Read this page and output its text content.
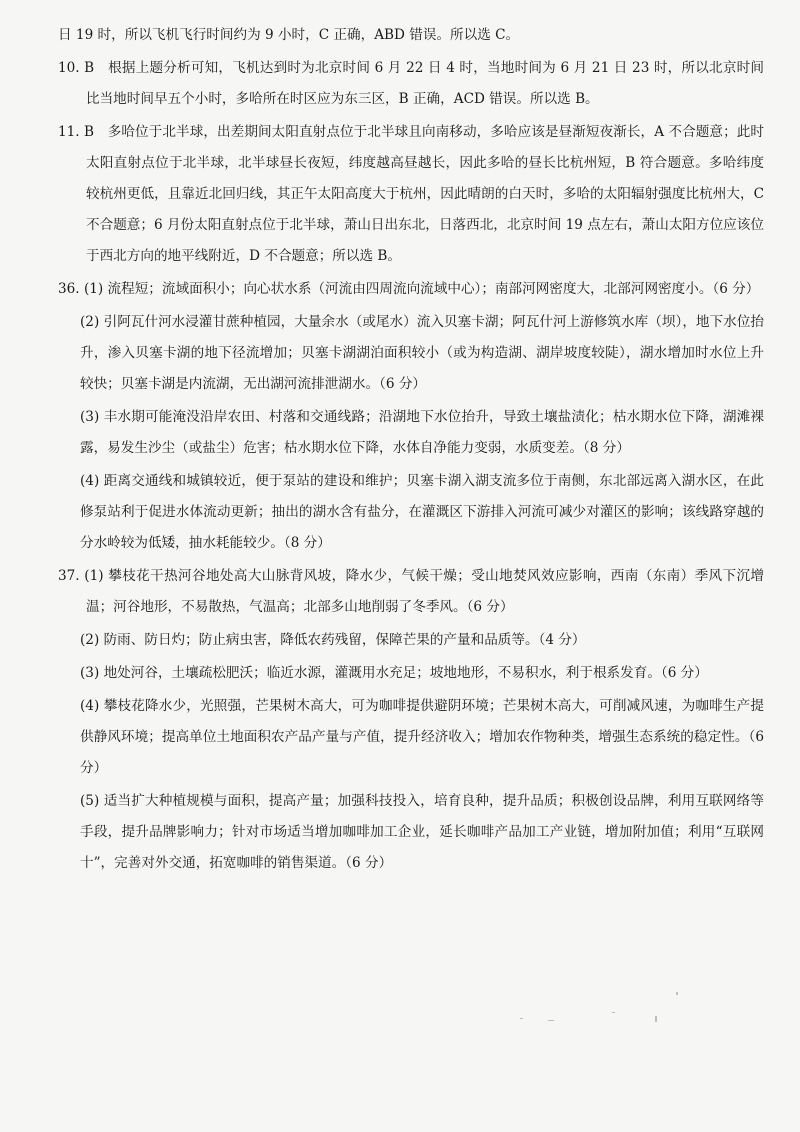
日 19 时，所以飞机飞行时间约为 9 小时，C 正确，ABD 错误。所以选 C。

10. B　根据上题分析可知，飞机达到时为北京时间 6 月 22 日 4 时，当地时间为 6 月 21 日 23 时，所以北京时间比当地时间早五个小时，多哈所在时区应为东三区，B 正确，ACD 错误。所以选 B。

11. B　多哈位于北半球，出差期间太阳直射点位于北半球且向南移动，多哈应该是昼渐短夜渐长，A 不合题意；此时太阳直射点位于北半球，北半球昼长夜短，纬度越高昼越长，因此多哈的昼长比杭州短，B 符合题意。多哈纬度较杭州更低，且靠近北回归线，其正午太阳高度大于杭州，因此晴朗的白天时，多哈的太阳辐射强度比杭州大，C 不合题意；6 月份太阳直射点位于北半球，萧山日出东北，日落西北，北京时间 19 点左右，萧山太阳方位应该位于西北方向的地平线附近，D 不合题意；所以选 B。

36. (1) 流程短；流域面积小；向心状水系（河流由四周流向流域中心）；南部河网密度大，北部河网密度小。（6 分）

(2) 引阿瓦什河水浸灌甘蔗种植园，大量余水（或尾水）流入贝塞卡湖；阿瓦什河上游修筑水库（坝），地下水位抬升，渗入贝塞卡湖的地下径流增加；贝塞卡湖湖泊面积较小（或为构造湖、湖岸坡度较陡），湖水增加时水位上升较快；贝塞卡湖是内流湖，无出湖河流排泄湖水。（6 分）

(3) 丰水期可能淹没沿岸农田、村落和交通线路；沿湖地下水位抬升，导致土壤盐渍化；枯水期水位下降，湖滩裸露，易发生沙尘（或盐尘）危害；枯水期水位下降，水体自净能力变弱，水质变差。（8 分）

(4) 距离交通线和城镇较近，便于泵站的建设和维护；贝塞卡湖入湖支流多位于南侧，东北部远离入湖水区，在此修泵站利于促进水体流动更新；抽出的湖水含有盐分，在灌溉区下游排入河流可减少对灌区的影响；该线路穿越的分水岭较为低矮，抽水耗能较少。（8 分）

37. (1) 攀枝花干热河谷地处高大山脉背风坡，降水少，气候干燥；受山地焚风效应影响，西南（东南）季风下沉增温；河谷地形，不易散热，气温高；北部多山地削弱了冬季风。（6 分）

(2) 防雨、防日灼；防止病虫害，降低农药残留，保障芒果的产量和品质等。（4 分）

(3) 地处河谷，土壤疏松肥沃；临近水源，灌溉用水充足；坡地地形，不易积水，利于根系发育。（6 分）

(4) 攀枝花降水少，光照强，芒果树木高大，可为咖啡提供避阴环境；芒果树木高大，可削减风速，为咖啡生产提供静风环境；提高单位土地面积农产品产量与产值，提升经济收入；增加农作物种类，增强生态系统的稳定性。（6 分）

(5) 适当扩大种植规模与面积，提高产量；加强科技投入，培育良种，提升品质；积极创设品牌，利用互联网络等手段，提升品牌影响力；针对市场适当增加咖啡加工企业，延长咖啡产品加工产业链，增加附加值；利用“互联网十”，完善对外交通，拓宽咖啡的销售渠道。（6 分）
